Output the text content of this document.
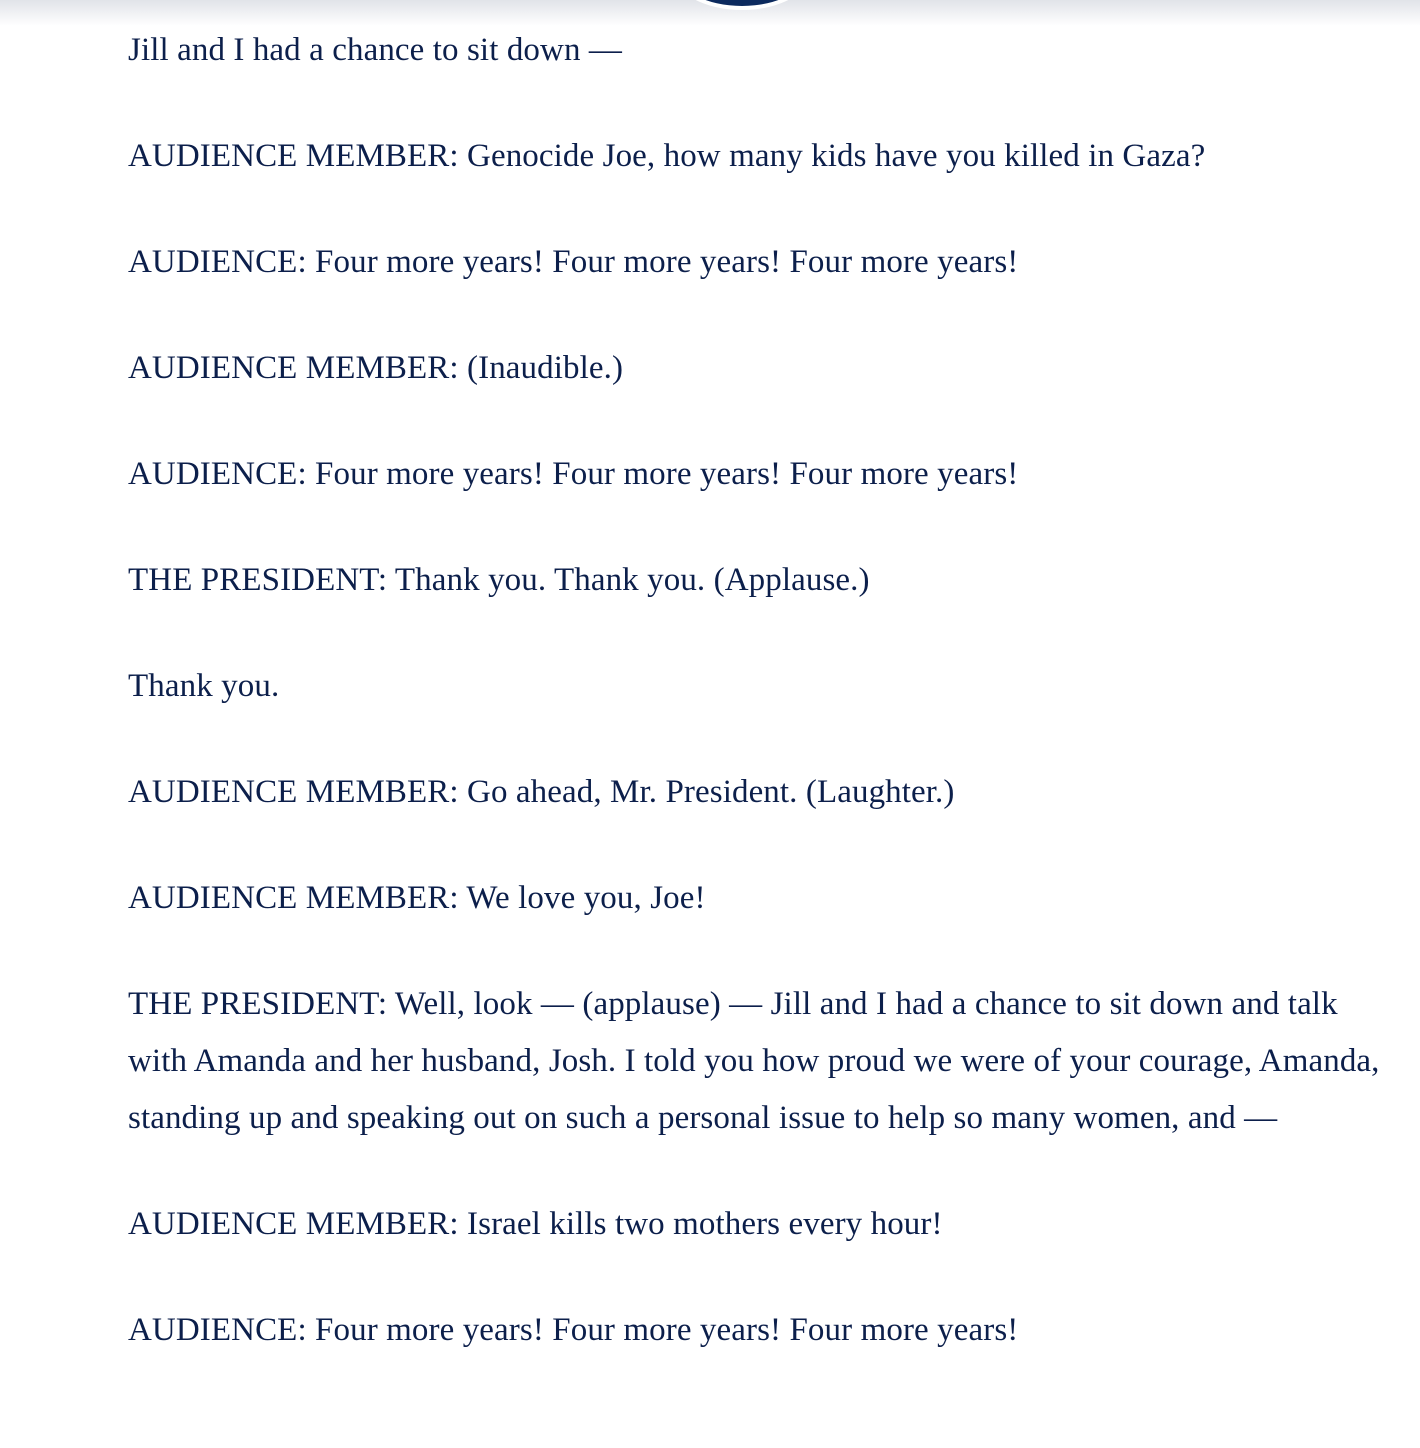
Jill and I had a chance to sit down —

AUDIENCE MEMBER: Genocide Joe, how many kids have you killed in Gaza?

AUDIENCE: Four more years! Four more years! Four more years!

AUDIENCE MEMBER: (Inaudible.)

AUDIENCE: Four more years! Four more years! Four more years!

THE PRESIDENT: Thank you. Thank you. (Applause.)

Thank you.

AUDIENCE MEMBER: Go ahead, Mr. President. (Laughter.)

AUDIENCE MEMBER: We love you, Joe!

THE PRESIDENT: Well, look — (applause) — Jill and I had a chance to sit down and talk with Amanda and her husband, Josh. I told you how proud we were of your courage, Amanda, standing up and speaking out on such a personal issue to help so many women, and —

AUDIENCE MEMBER: Israel kills two mothers every hour!

AUDIENCE: Four more years! Four more years! Four more years!
